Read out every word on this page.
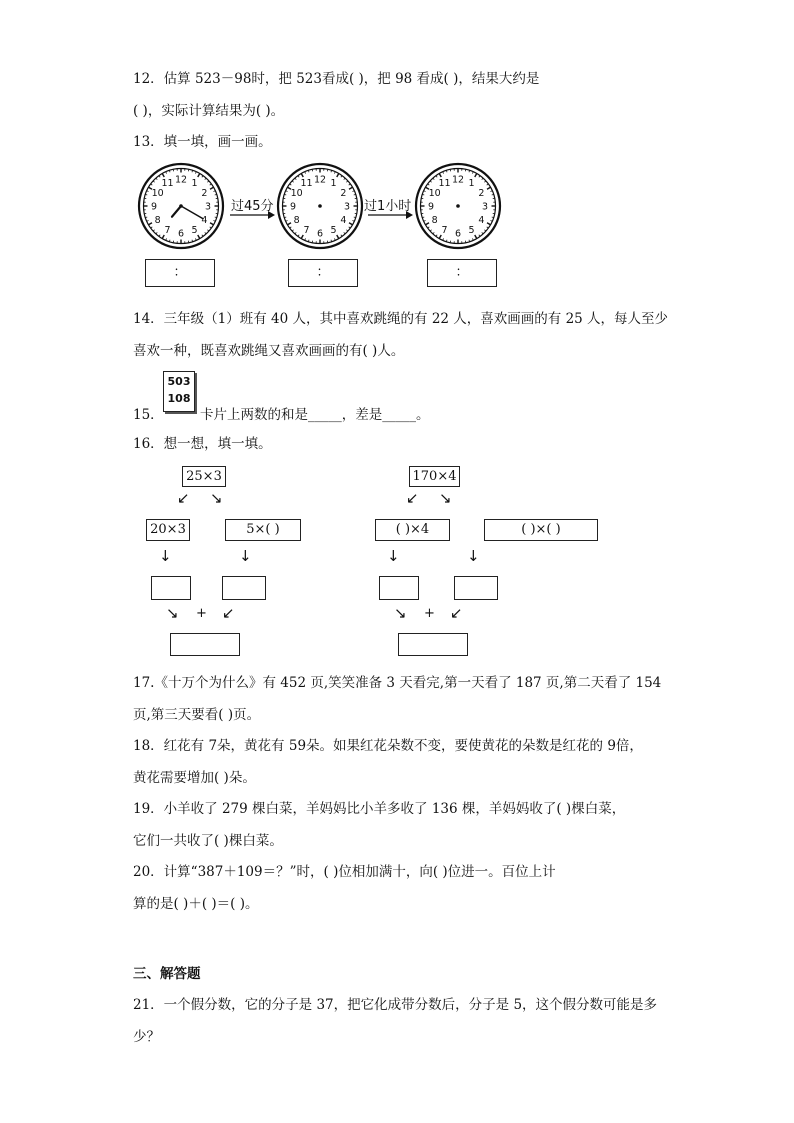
12．估算 523－98时，把 523看成( )，把 98 看成( )，结果大约是
( )，实际计算结果为( )。
13．填一填，画一画。
12 1
2
3
4
5
6
7
8
9
10
11	12 1
2
3
4
5
6
7
8
9
10
11	12 1
2
3
4
5
6
7
8
9
10
11
过45分	过1小时
：	：	：
14．三年级（1）班有 40 人，其中喜欢跳绳的有 22 人，喜欢画画的有 25 人，每人至少
喜欢一种，既喜欢跳绳又喜欢画画的有( )人。
15．
503
108
卡片上两数的和是_____，差是_____。
16．想一想，填一填。
25×3
↙ ↘
20×3	5×( )
↓	↓
↘ + ↙
170×4
↙ ↘
( )×4	( )×( )
↓	↓
↘ + ↙
17.《十万个为什么》有 452 页,笑笑准备 3 天看完,第一天看了 187 页,第二天看了 154
页,第三天要看( )页。
18．红花有 7朵，黄花有 59朵。如果红花朵数不变，要使黄花的朵数是红花的 9倍，
黄花需要增加( )朵。
19．小羊收了 279 棵白菜，羊妈妈比小羊多收了 136 棵，羊妈妈收了( )棵白菜，
它们一共收了( )棵白菜。
20．计算“387＋109＝？”时，( )位相加满十，向( )位进一。百位上计
算的是( )＋( )＝( )。
三、解答题
21．一个假分数，它的分子是 37，把它化成带分数后，分子是 5，这个假分数可能是多
少？
